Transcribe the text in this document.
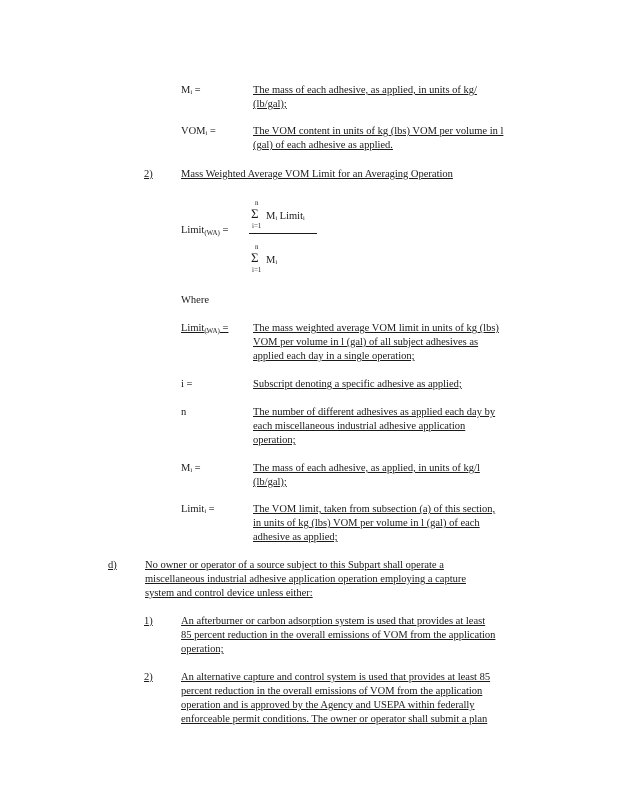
Mᵢ =	The mass of each adhesive, as applied, in units of kg/
(lb/gal);
VOMᵢ =	The VOM content in units of kg (lbs) VOM per volume in l
(gal) of each adhesive as applied.
2)	Mass Weighted Average VOM Limit for an Averaging Operation
Limit$_{(WA)}$ =
n
Σ
i=1
Mᵢ Limitᵢ
n
Σ
i=1
Mᵢ
Where
Limit$_{(WA)}$ = The mass weighted average VOM limit in units of kg (lbs)
VOM per volume in l (gal) of all subject adhesives as
applied each day in a single operation;
i =	Subscript denoting a specific adhesive as applied;
n	The number of different adhesives as applied each day by
each miscellaneous industrial adhesive application
operation;
Mᵢ =	The mass of each adhesive, as applied, in units of kg/l
(lb/gal);
Limitᵢ =	The VOM limit, taken from subsection (a) of this section,
in units of kg (lbs) VOM per volume in l (gal) of each
adhesive as applied;
d)	No owner or operator of a source subject to this Subpart shall operate a
miscellaneous industrial adhesive application operation employing a capture
system and control device unless either:
1)	An afterburner or carbon adsorption system is used that provides at least
85 percent reduction in the overall emissions of VOM from the application
operation;
2)	An alternative capture and control system is used that provides at least 85
percent reduction in the overall emissions of VOM from the application
operation and is approved by the Agency and USEPA within federally
enforceable permit conditions. The owner or operator shall submit a plan
